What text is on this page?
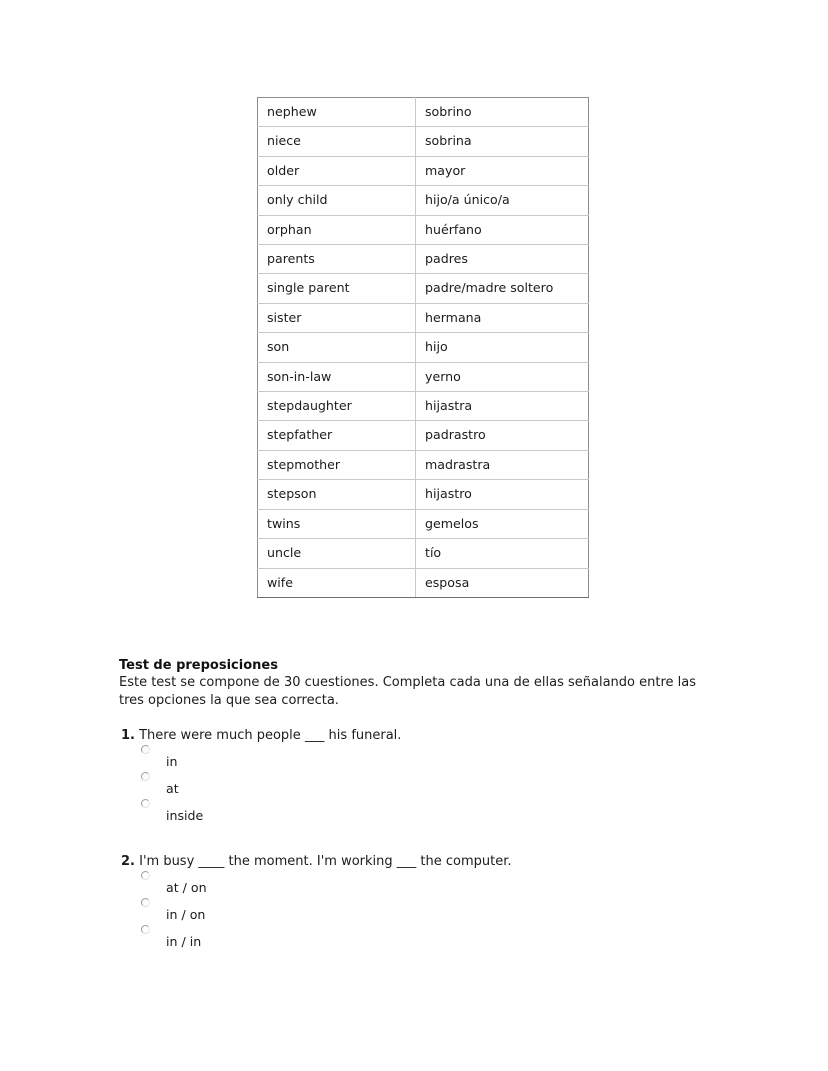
nephew	sobrino
niece	sobrina
older	mayor
only child	hijo/a único/a
orphan	huérfano
parents	padres
single parent	padre/madre soltero
sister	hermana
son	hijo
son-in-law	yerno
stepdaughter	hijastra
stepfather	padrastro
stepmother	madrastra
stepson	hijastro
twins	gemelos
uncle	tío
wife	esposa
Test de preposiciones

Este test se compone de 30 cuestiones. Completa cada una de ellas señalando entre las tres opciones la que sea correcta.

1. There were much people ___ his funeral.

in
at
inside

2. I'm busy ____ the moment. I'm working ___ the computer.

at / on
in / on
in / in
